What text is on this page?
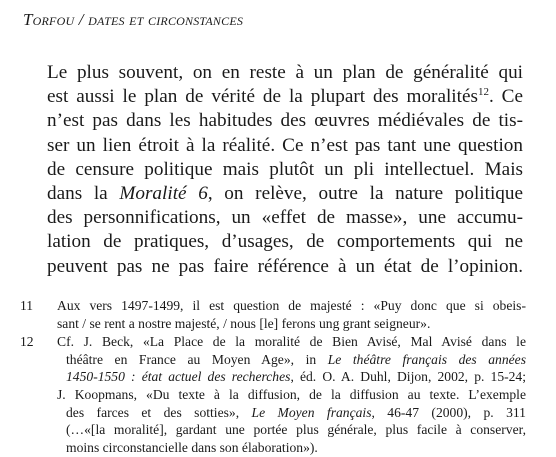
Torfou / dates et circonstances
Le plus souvent, on en reste à un plan de généralité qui
est aussi le plan de vérité de la plupart des moralités$^{12}$. Ce
n’est pas dans les habitudes des œuvres médiévales de tis-
ser un lien étroit à la réalité. Ce n’est pas tant une question
de censure politique mais plutôt un pli intellectuel. Mais
dans la Moralité 6, on relève, outre la nature politique
des personnifications, un «effet de masse», une accumu-
lation de pratiques, d’usages, de comportements qui ne
peuvent pas ne pas faire référence à un état de l’opinion.
11	Aux vers 1497-1499, il est question de majesté : «Puy donc que si obeis-
sant / se rent a nostre majesté, / nous [le] ferons ung grant seigneur».
12	Cf. J. Beck, «La Place de la moralité de Bien Avisé, Mal Avisé dans le
théâtre en France au Moyen Age», in Le théâtre français des années
1450-1550 : état actuel des recherches, éd. O. A. Duhl, Dijon, 2002, p. 15-24;
J. Koopmans, «Du texte à la diffusion, de la diffusion au texte. L’exemple
des farces et des sotties», Le Moyen français, 46-47 (2000), p. 311
(…«[la moralité], gardant une portée plus générale, plus facile à conserver,
moins circonstancielle dans son élaboration»).
